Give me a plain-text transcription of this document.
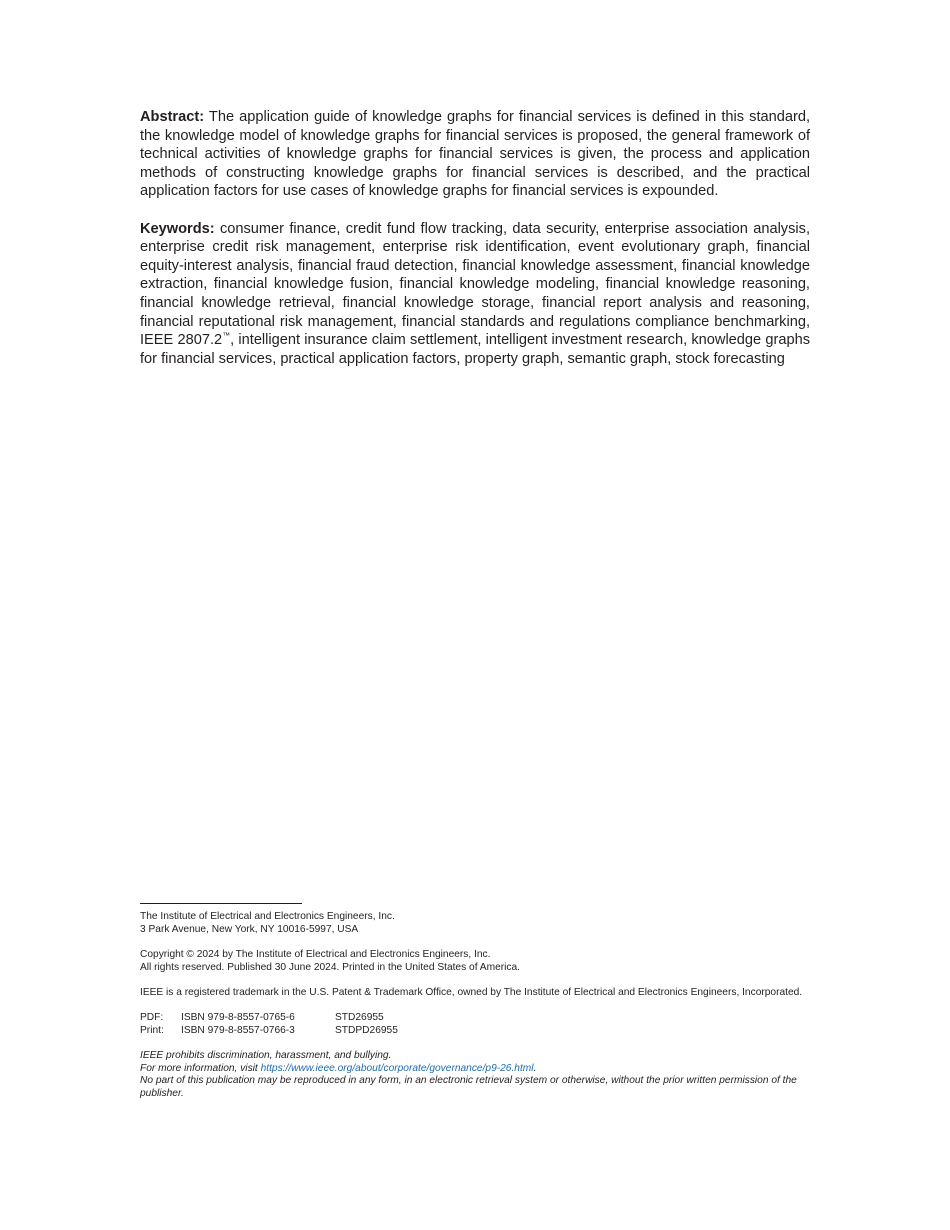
Abstract: The application guide of knowledge graphs for financial services is defined in this standard, the knowledge model of knowledge graphs for financial services is proposed, the general framework of technical activities of knowledge graphs for financial services is given, the process and application methods of constructing knowledge graphs for financial services is described, and the practical application factors for use cases of knowledge graphs for financial services is expounded.

Keywords: consumer finance, credit fund flow tracking, data security, enterprise association analysis, enterprise credit risk management, enterprise risk identification, event evolutionary graph, financial equity-interest analysis, financial fraud detection, financial knowledge assessment, financial knowledge extraction, financial knowledge fusion, financial knowledge modeling, financial knowledge reasoning, financial knowledge retrieval, financial knowledge storage, financial report analysis and reasoning, financial reputational risk management, financial standards and regulations compliance benchmarking, IEEE 2807.2™, intelligent insurance claim settlement, intelligent investment research, knowledge graphs for financial services, practical application factors, property graph, semantic graph, stock forecasting

The Institute of Electrical and Electronics Engineers, Inc.
3 Park Avenue, New York, NY 10016-5997, USA
Copyright © 2024 by The Institute of Electrical and Electronics Engineers, Inc.
All rights reserved. Published 30 June 2024. Printed in the United States of America.
IEEE is a registered trademark in the U.S. Patent & Trademark Office, owned by The Institute of Electrical and Electronics Engineers, Incorporated.
PDF:	ISBN 979-8-8557-0765-6	STD26955
Print:	ISBN 979-8-8557-0766-3	STDPD26955
IEEE prohibits discrimination, harassment, and bullying.
For more information, visit https://www.ieee.org/about/corporate/governance/p9-26.html.
No part of this publication may be reproduced in any form, in an electronic retrieval system or otherwise, without the prior written permission of the publisher.
